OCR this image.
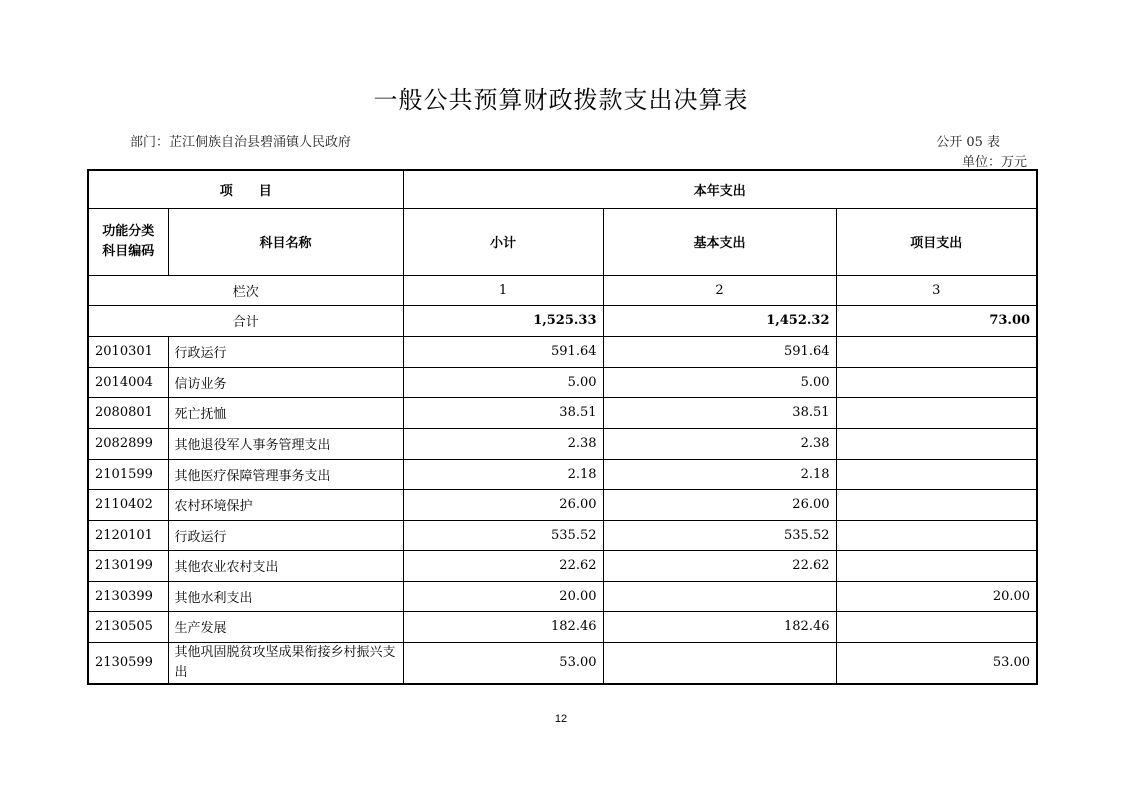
一般公共预算财政拨款支出决算表
部门：芷江侗族自治县碧涌镇人民政府	公开 05 表
单位：万元
项　　目		本年支出		
功能分类
科目编码	科目名称	小计	基本支出	项目支出
栏次		1	2	3
合计		1,525.33	1,452.32	73.00
2010301	行政运行	591.64	591.64	
2014004	信访业务	5.00	5.00	
2080801	死亡抚恤	38.51	38.51	
2082899	其他退役军人事务管理支出	2.38	2.38	
2101599	其他医疗保障管理事务支出	2.18	2.18	
2110402	农村环境保护	26.00	26.00	
2120101	行政运行	535.52	535.52	
2130199	其他农业农村支出	22.62	22.62	
2130399	其他水利支出	20.00		20.00
2130505	生产发展	182.46	182.46	
2130599	其他巩固脱贫攻坚成果衔接乡村振兴支出	53.00		53.00
12
